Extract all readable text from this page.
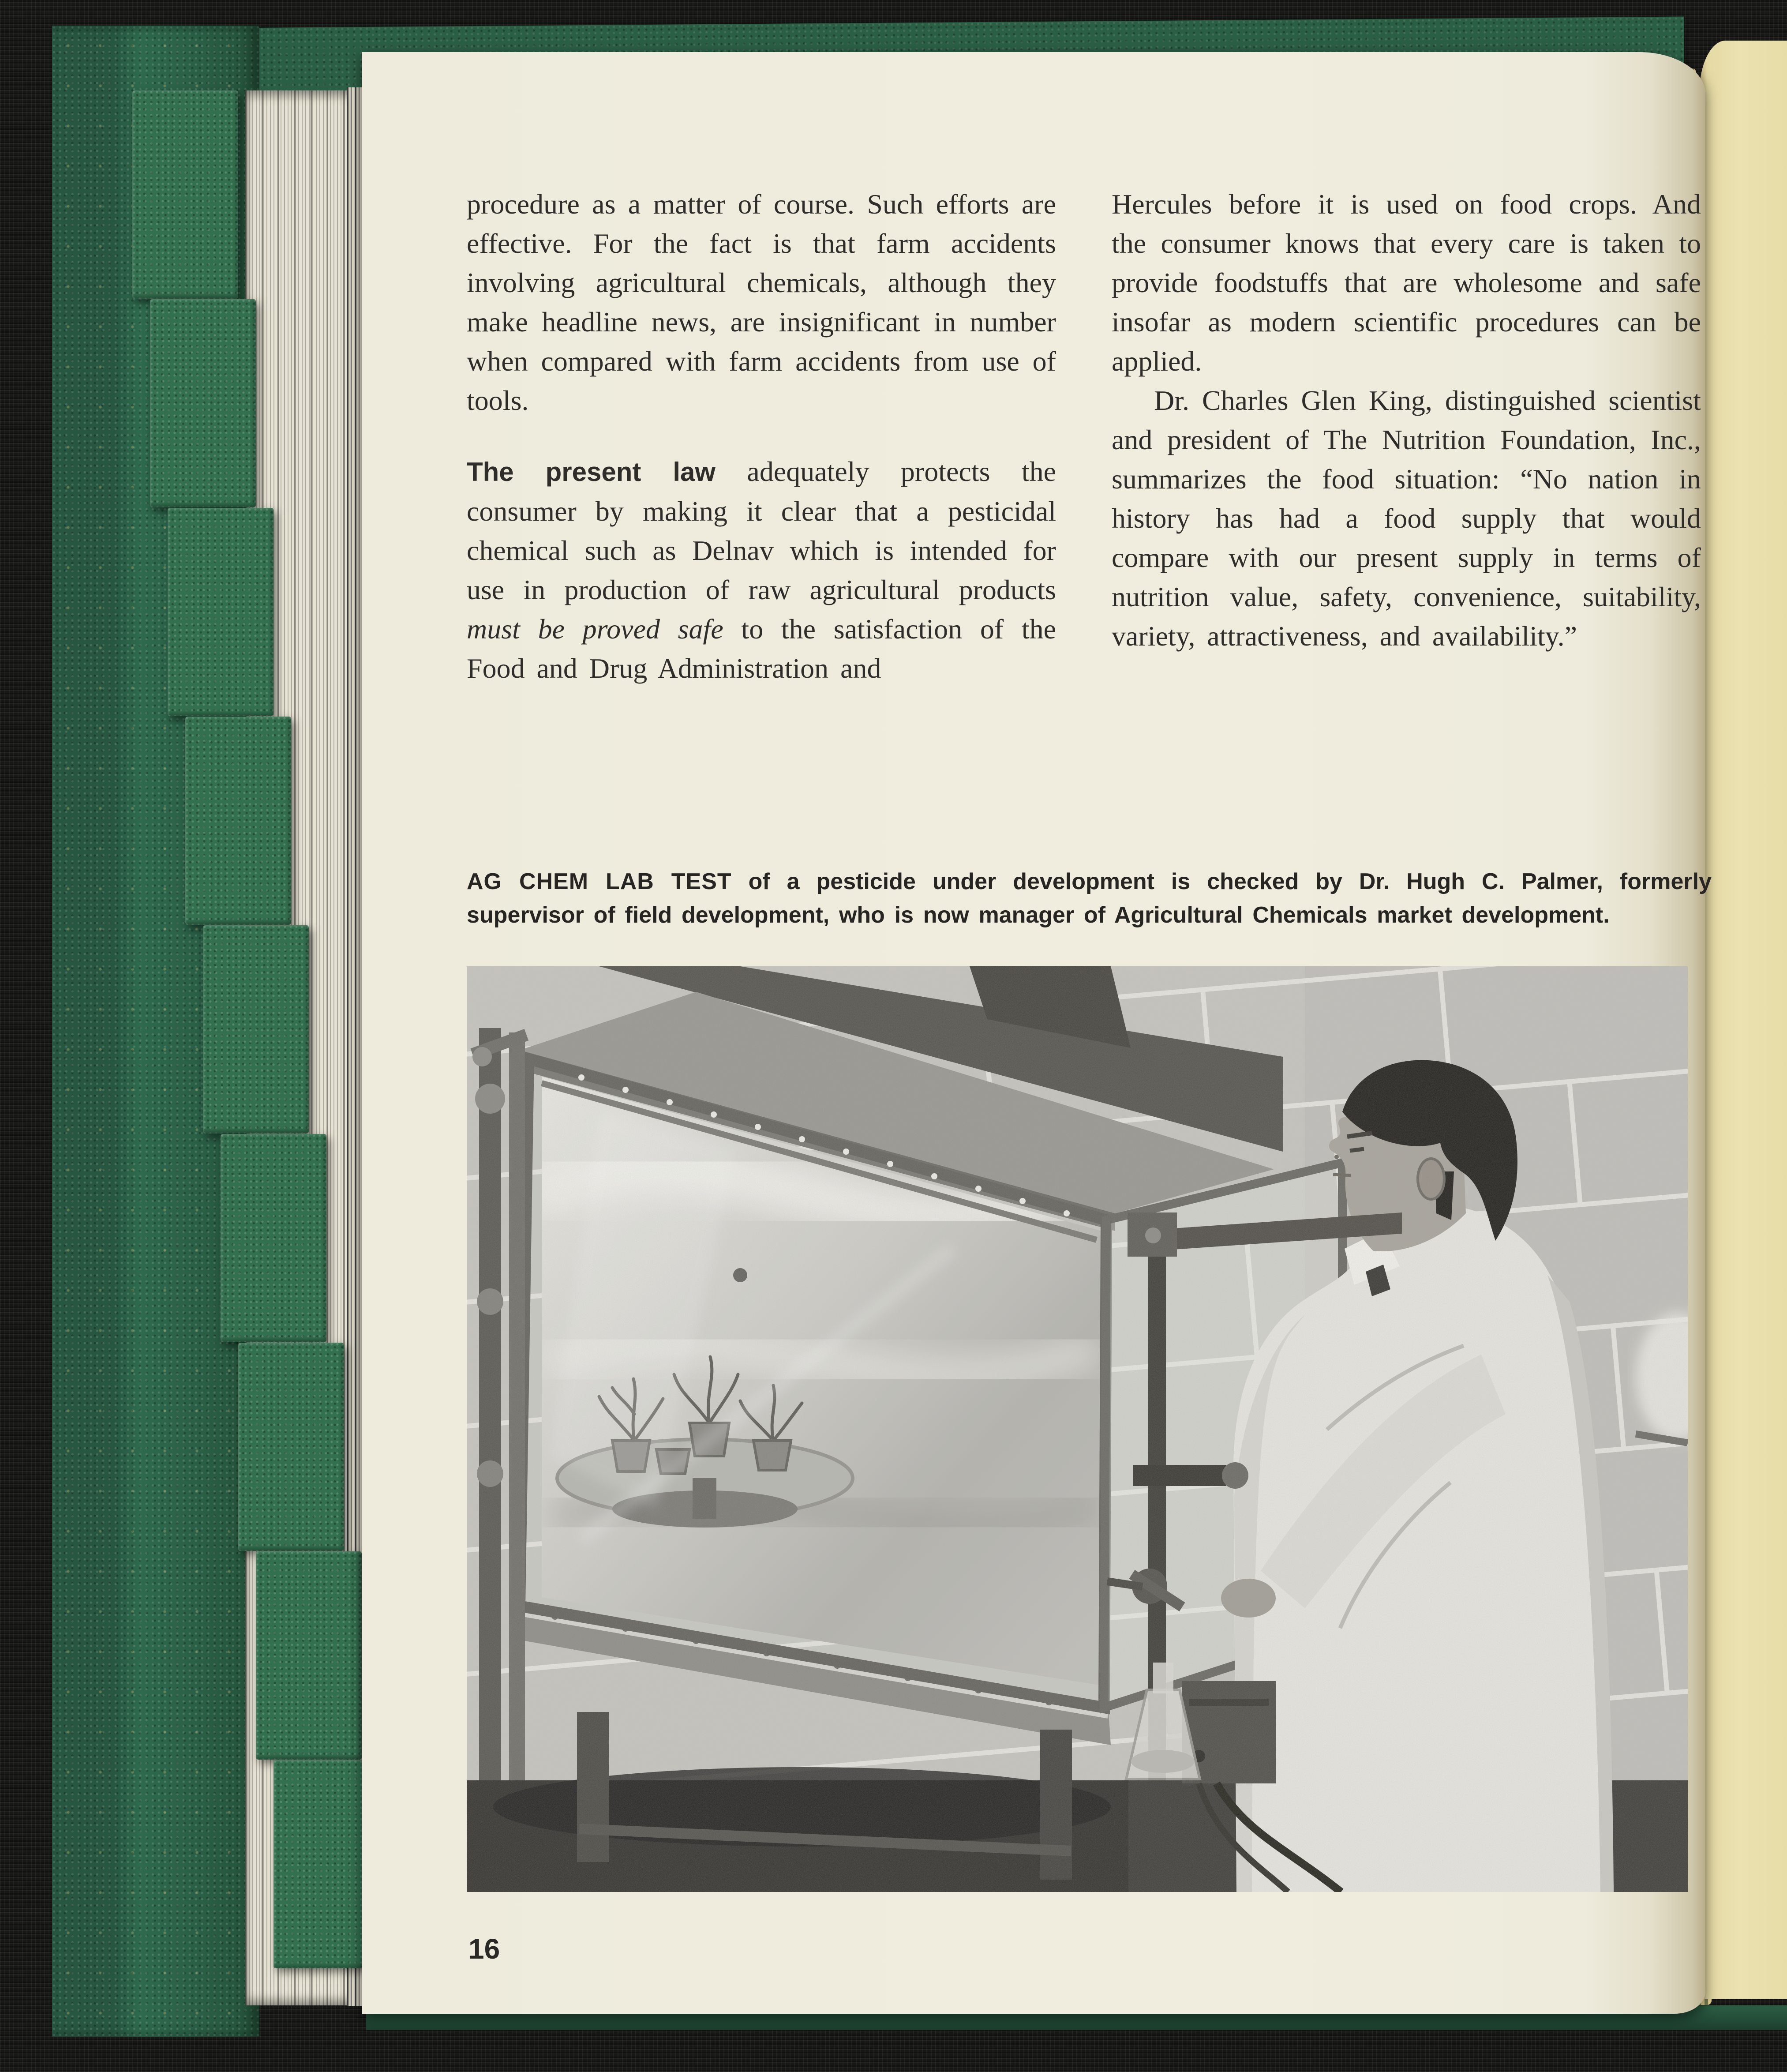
procedure as a matter of course. Such efforts are effective. For the fact is that farm accidents involving agricultural chemicals, although they make headline news, are insignificant in number when compared with farm accidents from use of tools.

The present law adequately protects the consumer by making it clear that a pesticidal chemical such as Delnav which is intended for use in production of raw agricultural products must be proved safe to the satisfaction of the Food and Drug Administration and

Hercules before it is used on food crops. And the consumer knows that every care is taken to provide foodstuffs that are wholesome and safe insofar as modern scientific procedures can be applied.

Dr. Charles Glen King, distinguished scientist and president of The Nutrition Foundation, Inc., summarizes the food situation: “No nation in history has had a food supply that would compare with our present supply in terms of nutrition value, safety, convenience, suitability, variety, attractiveness, and availability.”

AG CHEM LAB TEST of a pesticide under development is checked by Dr. Hugh C. Palmer, formerly supervisor of field development, who is now manager of Agricultural Chemicals market development.
16
